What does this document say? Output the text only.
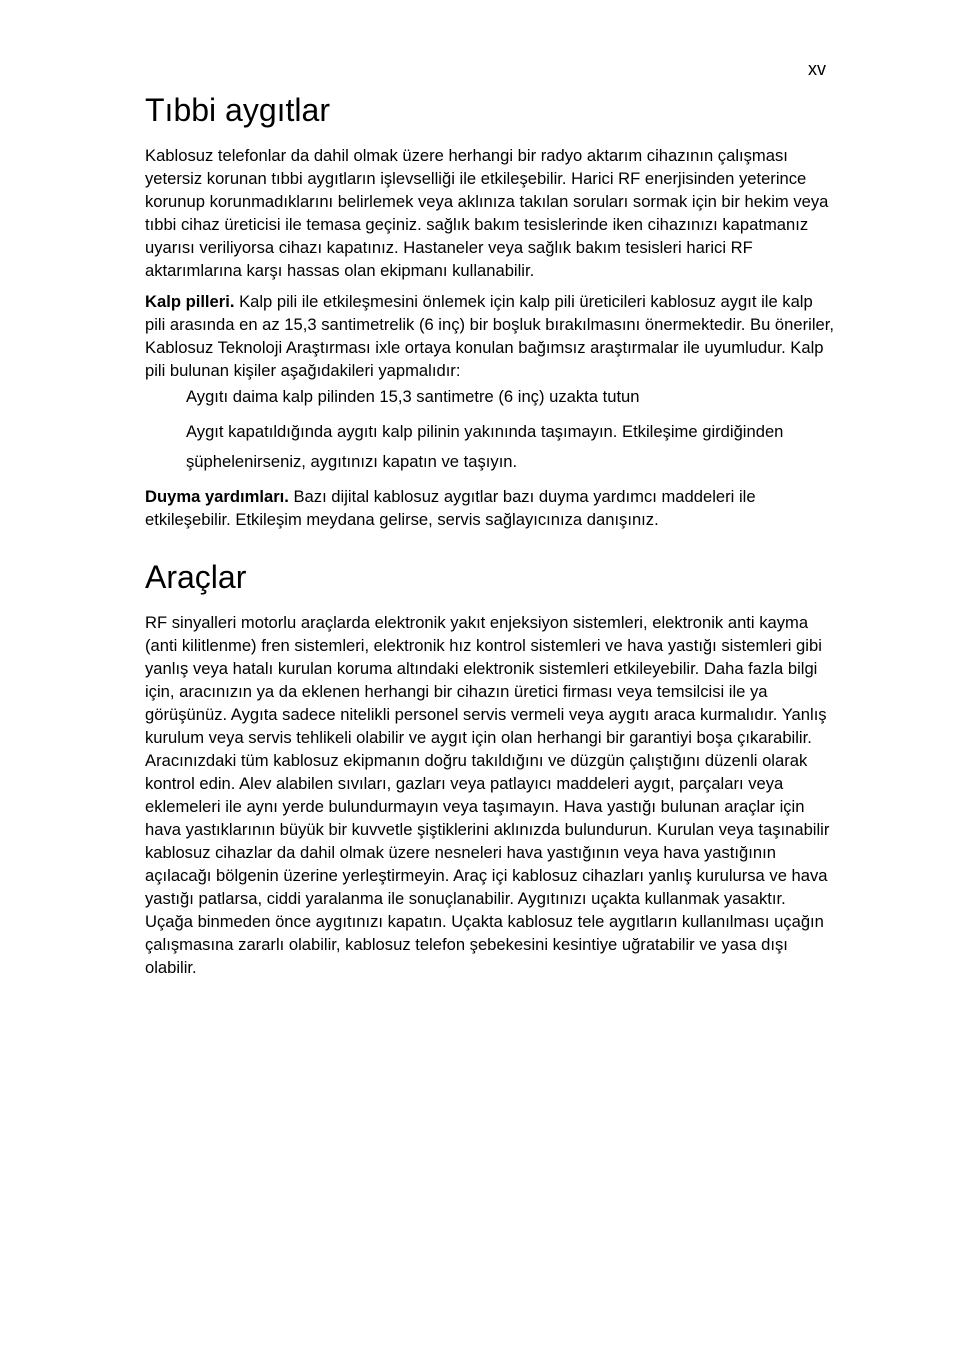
xv
Tıbbi aygıtlar

Kablosuz telefonlar da dahil olmak üzere herhangi bir radyo aktarım cihazının çalışması yetersiz korunan tıbbi aygıtların işlevselliği ile etkileşebilir. Harici RF enerjisinden yeterince korunup korunmadıklarını belirlemek veya aklınıza takılan soruları sormak için bir hekim veya tıbbi cihaz üreticisi ile temasa geçiniz. sağlık bakım tesislerinde iken cihazınızı kapatmanız uyarısı veriliyorsa cihazı kapatınız. Hastaneler veya sağlık bakım tesisleri harici RF aktarımlarına karşı hassas olan ekipmanı kullanabilir.

Kalp pilleri. Kalp pili ile etkileşmesini önlemek için kalp pili üreticileri kablosuz aygıt ile kalp pili arasında en az 15,3 santimetrelik (6 inç) bir boşluk bırakılmasını önermektedir. Bu öneriler, Kablosuz Teknoloji Araştırması ixle ortaya konulan bağımsız araştırmalar ile uyumludur. Kalp pili bulunan kişiler aşağıdakileri yapmalıdır:

Aygıtı daima kalp pilinden 15,3 santimetre (6 inç) uzakta tutun
Aygıt kapatıldığında aygıtı kalp pilinin yakınında taşımayın. Etkileşime girdiğinden şüphelenirseniz, aygıtınızı kapatın ve taşıyın.

Duyma yardımları. Bazı dijital kablosuz aygıtlar bazı duyma yardımcı maddeleri ile etkileşebilir. Etkileşim meydana gelirse, servis sağlayıcınıza danışınız.

Araçlar

RF sinyalleri motorlu araçlarda elektronik yakıt enjeksiyon sistemleri, elektronik anti kayma (anti kilitlenme) fren sistemleri, elektronik hız kontrol sistemleri ve hava yastığı sistemleri gibi yanlış veya hatalı kurulan koruma altındaki elektronik sistemleri etkileyebilir. Daha fazla bilgi için, aracınızın ya da eklenen herhangi bir cihazın üretici firması veya temsilcisi ile ya görüşünüz. Aygıta sadece nitelikli personel servis vermeli veya aygıtı araca kurmalıdır. Yanlış kurulum veya servis tehlikeli olabilir ve aygıt için olan herhangi bir garantiyi boşa çıkarabilir. Aracınızdaki tüm kablosuz ekipmanın doğru takıldığını ve düzgün çalıştığını düzenli olarak kontrol edin. Alev alabilen sıvıları, gazları veya patlayıcı maddeleri aygıt, parçaları veya eklemeleri ile aynı yerde bulundurmayın veya taşımayın. Hava yastığı bulunan araçlar için hava yastıklarının büyük bir kuvvetle şiştiklerini aklınızda bulundurun. Kurulan veya taşınabilir kablosuz cihazlar da dahil olmak üzere nesneleri hava yastığının veya hava yastığının açılacağı bölgenin üzerine yerleştirmeyin. Araç içi kablosuz cihazları yanlış kurulursa ve hava yastığı patlarsa, ciddi yaralanma ile sonuçlanabilir. Aygıtınızı uçakta kullanmak yasaktır. Uçağa binmeden önce aygıtınızı kapatın. Uçakta kablosuz tele aygıtların kullanılması uçağın çalışmasına zararlı olabilir, kablosuz telefon şebekesini kesintiye uğratabilir ve yasa dışı olabilir.
